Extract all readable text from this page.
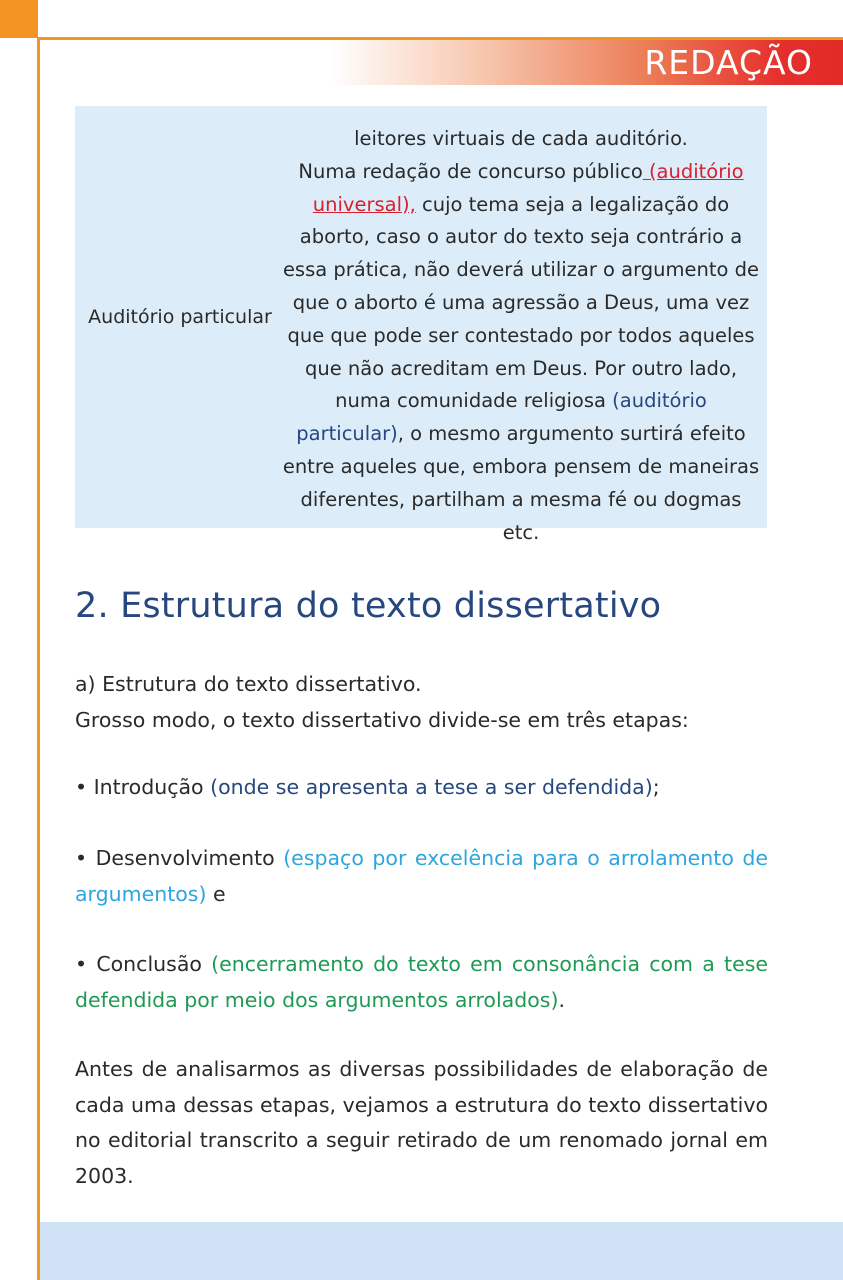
REDAÇÃO
Auditório particular
leitores virtuais de cada auditório.
Numa redação de concurso público (auditório universal), cujo tema seja a legalização do aborto, caso o autor do texto seja contrário a essa prática, não deverá utilizar o argumento de que o aborto é uma agressão a Deus, uma vez que que pode ser contestado por todos aqueles que não acreditam em Deus. Por outro lado, numa comunidade religiosa (auditório particular), o mesmo argumento surtirá efeito entre aqueles que, embora pensem de maneiras diferentes, partilham a mesma fé ou dogmas etc.
2. Estrutura do texto dissertativo
a) Estrutura do texto dissertativo.
Grosso modo, o texto dissertativo divide-se em três etapas:
• Introdução (onde se apresenta a tese a ser defendida);
• Desenvolvimento (espaço por excelência para o arrolamento de argumentos) e
• Conclusão (encerramento do texto em consonância com a tese defendida por meio dos argumentos arrolados).
Antes de analisarmos as diversas possibilidades de elaboração de cada uma dessas etapas, vejamos a estrutura do texto dissertativo no editorial transcrito a seguir retirado de um renomado jornal em 2003.
